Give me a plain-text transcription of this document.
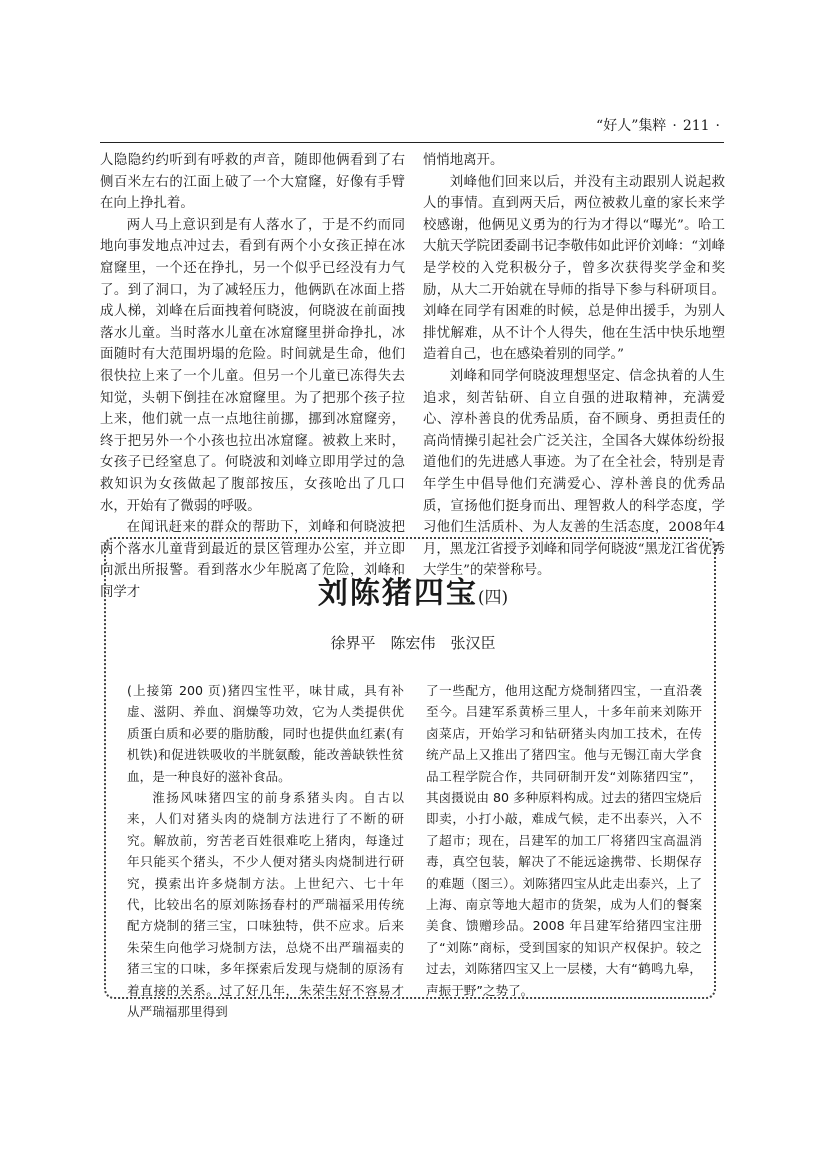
“好人”集粹 · 211 ·

人隐隐约约听到有呼救的声音，随即他俩看到了右侧百米左右的江面上破了一个大窟窿，好像有手臂在向上挣扎着。

两人马上意识到是有人落水了，于是不约而同地向事发地点冲过去，看到有两个小女孩正掉在冰窟窿里，一个还在挣扎，另一个似乎已经没有力气了。到了洞口，为了减轻压力，他俩趴在冰面上搭成人梯，刘峰在后面拽着何晓波，何晓波在前面拽落水儿童。当时落水儿童在冰窟窿里拼命挣扎，冰面随时有大范围坍塌的危险。时间就是生命，他们很快拉上来了一个儿童。但另一个儿童已冻得失去知觉，头朝下倒挂在冰窟窿里。为了把那个孩子拉上来，他们就一点一点地往前挪，挪到冰窟窿旁，终于把另外一个小孩也拉出冰窟窿。被救上来时，女孩子已经窒息了。何晓波和刘峰立即用学过的急救知识为女孩做起了腹部按压，女孩呛出了几口水，开始有了微弱的呼吸。

在闻讯赶来的群众的帮助下，刘峰和何晓波把两个落水儿童背到最近的景区管理办公室，并立即向派出所报警。看到落水少年脱离了危险，刘峰和同学才

悄悄地离开。

刘峰他们回来以后，并没有主动跟别人说起救人的事情。直到两天后，两位被救儿童的家长来学校感谢，他俩见义勇为的行为才得以“曝光”。哈工大航天学院团委副书记李敬伟如此评价刘峰：“刘峰是学校的入党积极分子，曾多次获得奖学金和奖励，从大二开始就在导师的指导下参与科研项目。刘峰在同学有困难的时候，总是伸出援手，为别人排忧解难，从不计个人得失，他在生活中快乐地塑造着自己，也在感染着别的同学。”

刘峰和同学何晓波理想坚定、信念执着的人生追求，刻苦钻研、自立自强的进取精神，充满爱心、淳朴善良的优秀品质，奋不顾身、勇担责任的高尚情操引起社会广泛关注，全国各大媒体纷纷报道他们的先进感人事迹。为了在全社会，特别是青年学生中倡导他们充满爱心、淳朴善良的优秀品质，宣扬他们挺身而出、理智救人的科学态度，学习他们生活质朴、为人友善的生活态度，2008年4月，黑龙江省授予刘峰和同学何晓波“黑龙江省优秀大学生”的荣誉称号。

刘陈猪四宝(四)
徐界平　陈宏伟　张汉臣

(上接第 200 页)猪四宝性平，味甘咸，具有补虚、滋阴、养血、润燥等功效，它为人类提供优质蛋白质和必要的脂肪酸，同时也提供血红素(有机铁)和促进铁吸收的半胱氨酸，能改善缺铁性贫血，是一种良好的滋补食品。

淮扬风味猪四宝的前身系猪头肉。自古以来，人们对猪头肉的烧制方法进行了不断的研究。解放前，穷苦老百姓很难吃上猪肉，每逢过年只能买个猪头，不少人便对猪头肉烧制进行研究，摸索出许多烧制方法。上世纪六、七十年代，比较出名的原刘陈扬春村的严瑞福采用传统配方烧制的猪三宝，口味独特，供不应求。后来朱荣生向他学习烧制方法，总烧不出严瑞福卖的猪三宝的口味，多年探索后发现与烧制的原汤有着直接的关系。过了好几年，朱荣生好不容易才从严瑞福那里得到

了一些配方，他用这配方烧制猪四宝，一直沿袭至今。吕建军系黄桥三里人，十多年前来刘陈开卤菜店，开始学习和钻研猪头肉加工技术，在传统产品上又推出了猪四宝。他与无锡江南大学食品工程学院合作，共同研制开发“刘陈猪四宝”，其卤摄说由 80 多种原料构成。过去的猪四宝烧后即卖，小打小敲，难成气候，走不出泰兴，入不了超市；现在，吕建军的加工厂将猪四宝高温消毒，真空包装，解决了不能远途携带、长期保存的难题（图三）。刘陈猪四宝从此走出泰兴，上了上海、南京等地大超市的货架，成为人们的餐案美食、馈赠珍品。2008 年吕建军给猪四宝注册了“刘陈”商标，受到国家的知识产权保护。较之过去，刘陈猪四宝又上一层楼，大有“鹤鸣九皋，声振于野”之势了。
